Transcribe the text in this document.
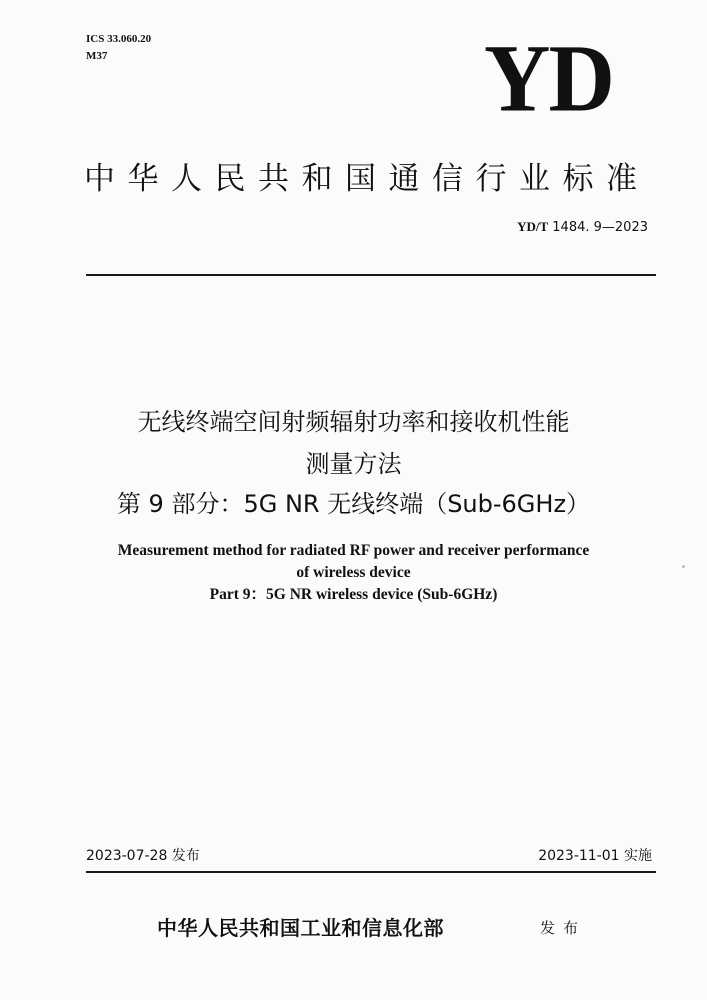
ICS 33.060.20
M37	YD
中华人民共和国通信行业标准
YD/T 1484. 9—2023
无线终端空间射频辐射功率和接收机性能
测量方法
第 9 部分：5G NR 无线终端（Sub-6GHz）
Measurement method for radiated RF power and receiver performance
of wireless device
Part 9：5G NR wireless device (Sub-6GHz)
2023-07-28 发布	2023-11-01 实施
中华人民共和国工业和信息化部	发布
